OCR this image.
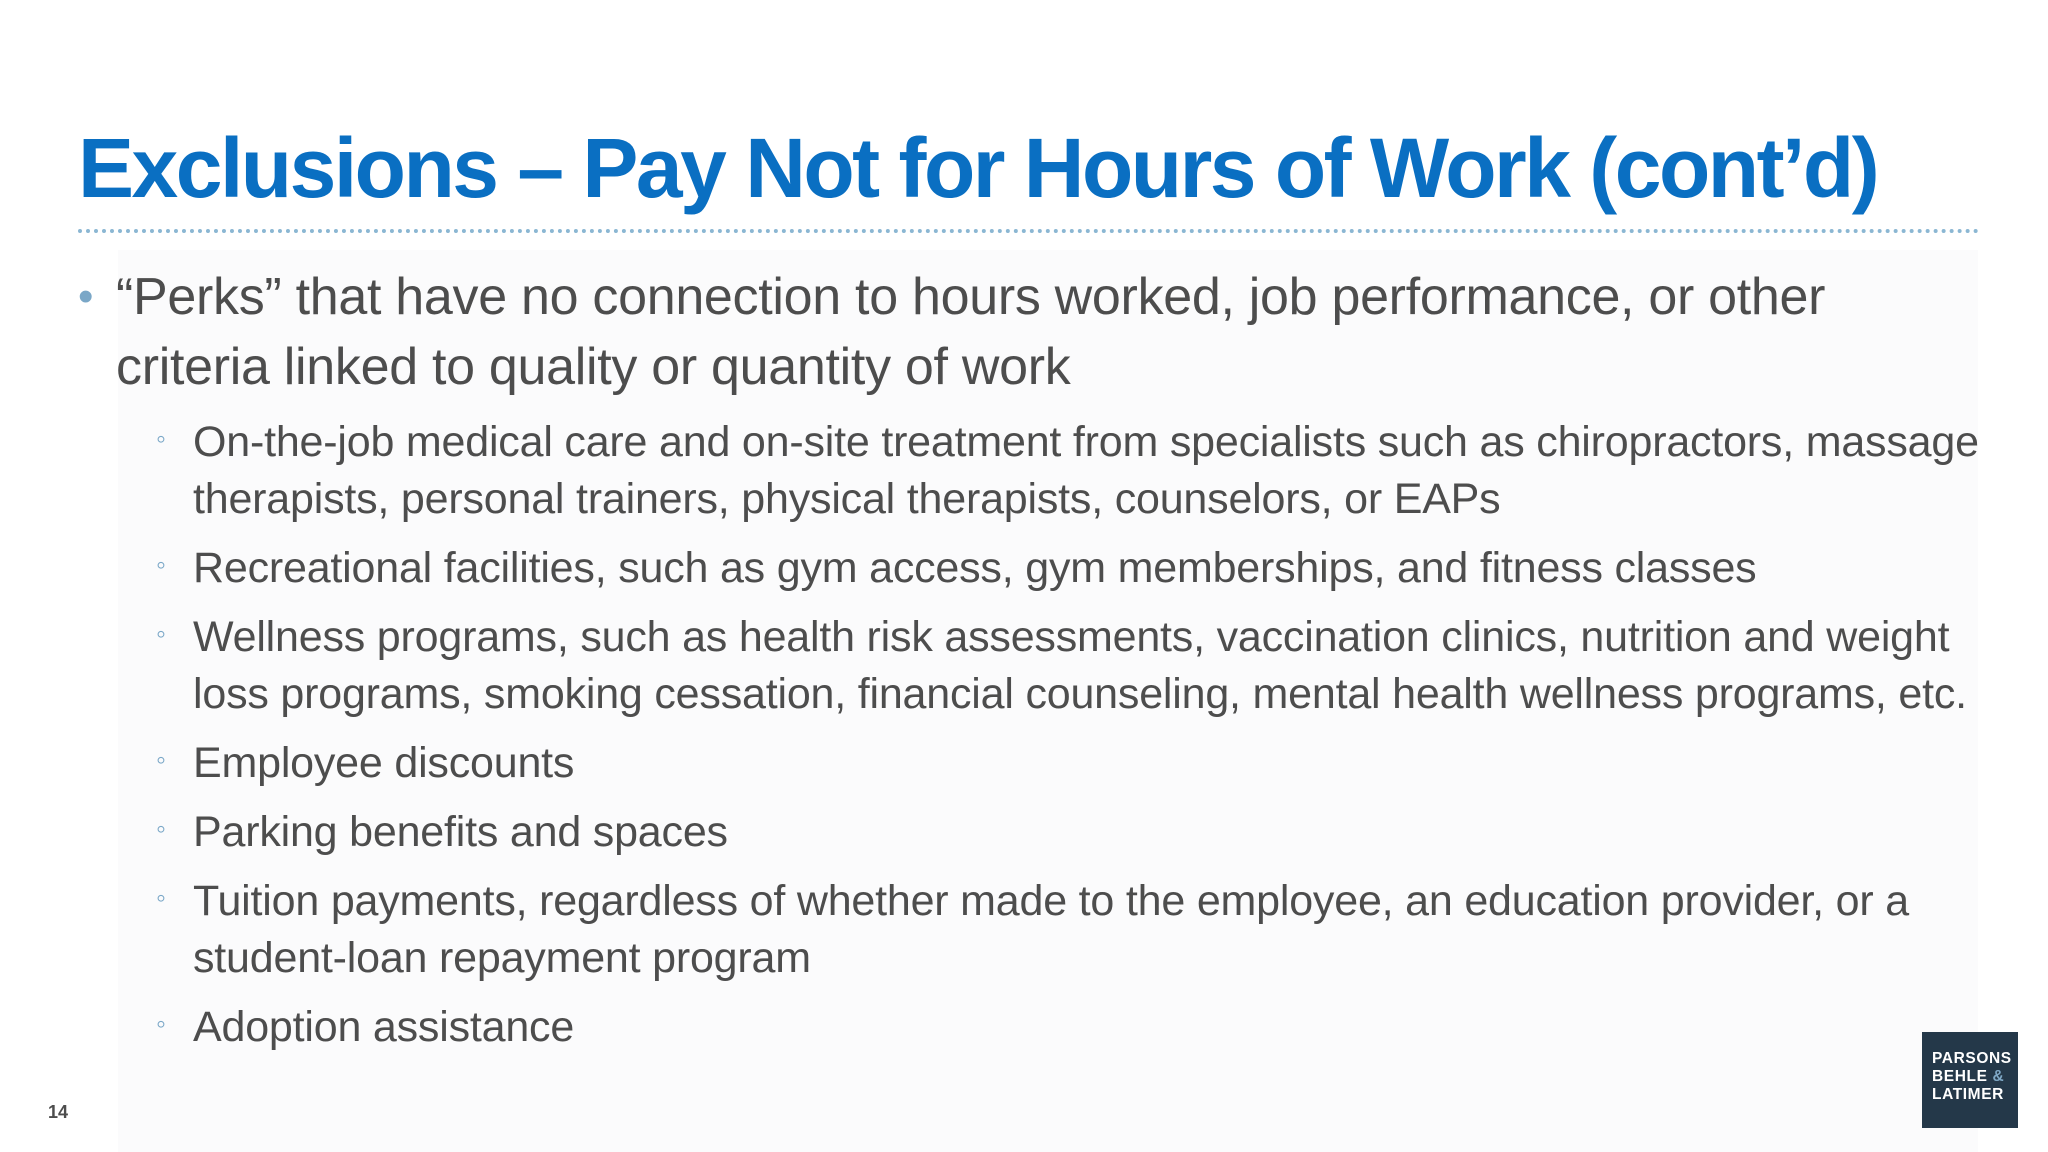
Exclusions – Pay Not for Hours of Work (cont’d)
• “Perks” that have no connection to hours worked, job performance, or other criteria linked to quality or quantity of work
◦ On-the-job medical care and on-site treatment from specialists such as chiropractors, massage therapists, personal trainers, physical therapists, counselors, or EAPs
◦ Recreational facilities, such as gym access, gym memberships, and fitness classes
◦ Wellness programs, such as health risk assessments, vaccination clinics, nutrition and weight loss programs, smoking cessation, financial counseling, mental health wellness programs, etc.
◦ Employee discounts
◦ Parking benefits and spaces
◦ Tuition payments, regardless of whether made to the employee, an education provider, or a student-loan repayment program
◦ Adoption assistance
14
PARSONS
BEHLE &
LATIMER
